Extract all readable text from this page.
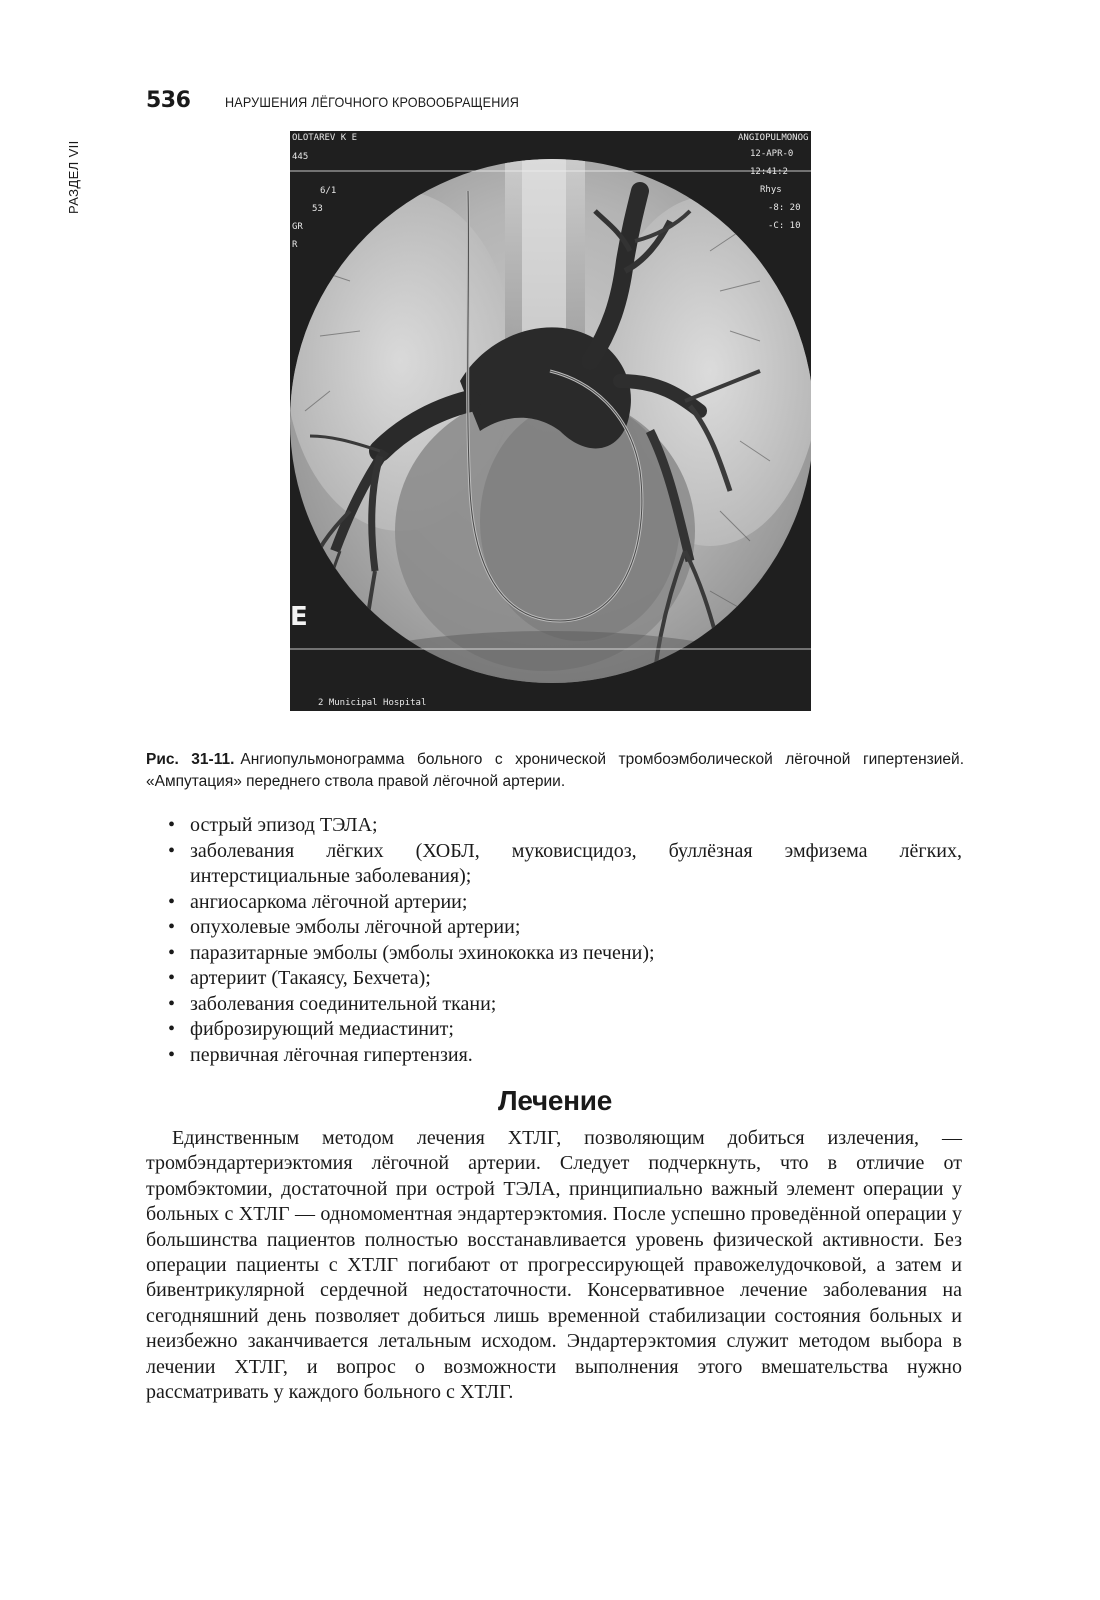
536 НАРУШЕНИЯ ЛЁГОЧНОГО КРОВООБРАЩЕНИЯ
РАЗДЕЛ VII
OLOTAREV K E
445
6/1
53
GR
R
ANGIOPULMONOG
12-APR-0
12:41:2
Rhys
-8: 20
-C: 10
2 Municipal Hospital
E

Рис. 31-11. Ангиопульмонограмма больного с хронической тромбоэмболической лёгочной гипертензией. «Ампутация» переднего ствола правой лёгочной артерии.

• острый эпизод ТЭЛА;
• заболевания лёгких (ХОБЛ, муковисцидоз, буллёзная эмфизема лёгких, интерстициальные заболевания);
• ангиосаркома лёгочной артерии;
• опухолевые эмболы лёгочной артерии;
• паразитарные эмболы (эмболы эхинококка из печени);
• артериит (Такаясу, Бехчета);
• заболевания соединительной ткани;
• фиброзирующий медиастинит;
• первичная лёгочная гипертензия.
Лечение

Единственным методом лечения ХТЛГ, позволяющим добиться излечения, — тромбэндартериэктомия лёгочной артерии. Следует подчеркнуть, что в отличие от тромбэктомии, достаточной при острой ТЭЛА, принципиально важный элемент операции у больных с ХТЛГ — одномоментная эндартерэктомия. После успешно проведённой операции у большинства пациентов полностью восстанавливается уровень физической активности. Без операции пациенты с ХТЛГ погибают от прогрессирующей правожелудочковой, а затем и бивентрикулярной сердечной недостаточности. Консервативное лечение заболевания на сегодняшний день позволяет добиться лишь временной стабилизации состояния больных и неизбежно заканчивается летальным исходом. Эндартерэктомия служит методом выбора в лечении ХТЛГ, и вопрос о возможности выполнения этого вмешательства нужно рассматривать у каждого больного с ХТЛГ.
